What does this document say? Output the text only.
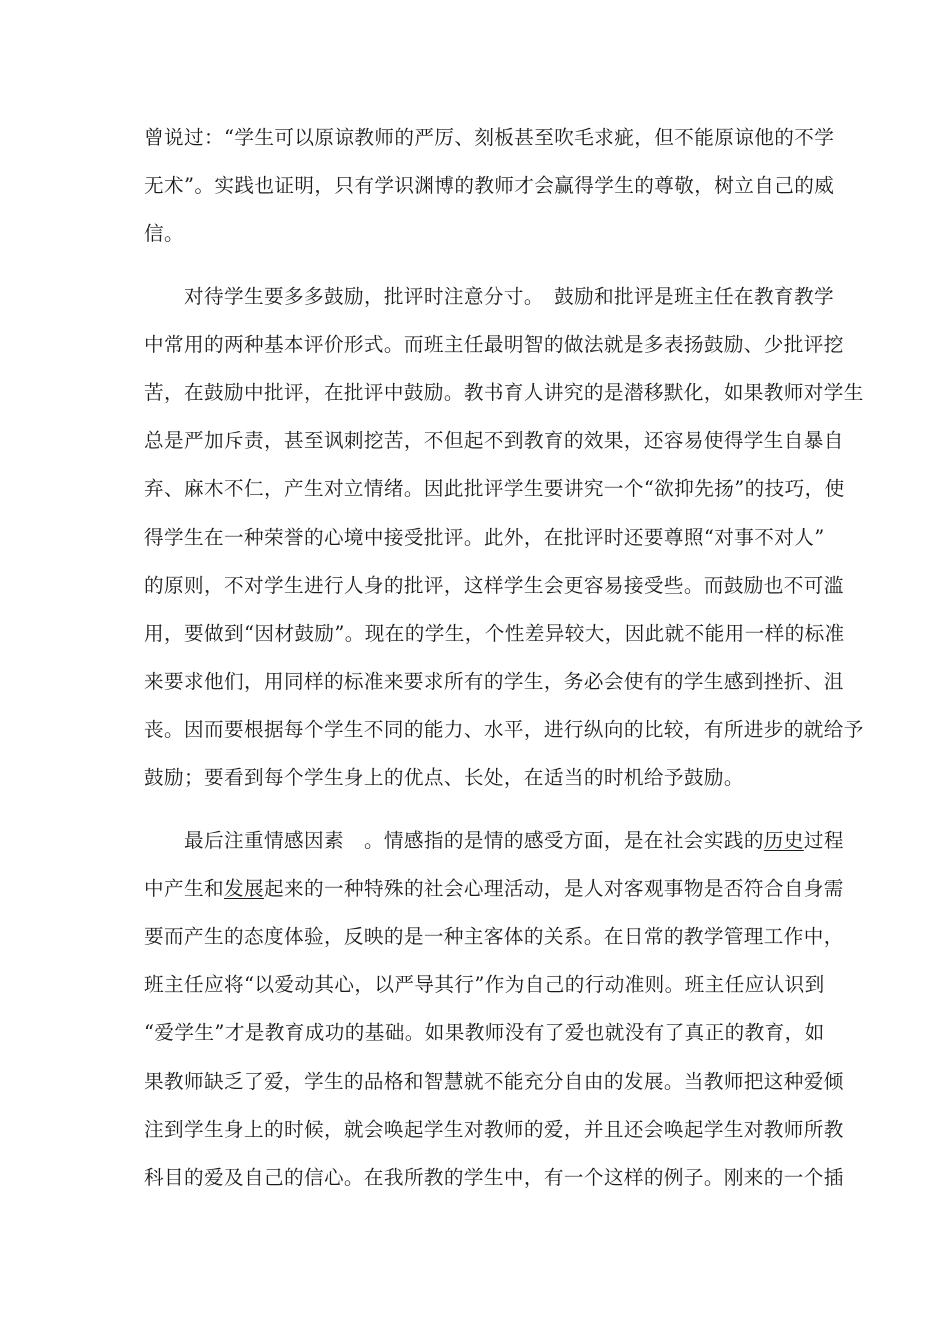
曾说过：“学生可以原谅教师的严厉、刻板甚至吹毛求疵，但不能原谅他的不学
无术”。实践也证明，只有学识渊博的教师才会赢得学生的尊敬，树立自己的威
信。
对待学生要多多鼓励，批评时注意分寸。　鼓励和批评是班主任在教育教学
中常用的两种基本评价形式。而班主任最明智的做法就是多表扬鼓励、少批评挖
苦，在鼓励中批评，在批评中鼓励。教书育人讲究的是潜移默化，如果教师对学生
总是严加斥责，甚至讽刺挖苦，不但起不到教育的效果，还容易使得学生自暴自
弃、麻木不仁，产生对立情绪。因此批评学生要讲究一个“欲抑先扬”的技巧，使
得学生在一种荣誉的心境中接受批评。此外，在批评时还要尊照“对事不对人”
的原则，不对学生进行人身的批评，这样学生会更容易接受些。而鼓励也不可滥
用，要做到“因材鼓励”。现在的学生，个性差异较大，因此就不能用一样的标准
来要求他们，用同样的标准来要求所有的学生，务必会使有的学生感到挫折、沮
丧。因而要根据每个学生不同的能力、水平，进行纵向的比较，有所进步的就给予
鼓励；要看到每个学生身上的优点、长处，在适当的时机给予鼓励。
最后注重情感因素　。情感指的是情的感受方面，是在社会实践的历史过程
中产生和发展起来的一种特殊的社会心理活动，是人对客观事物是否符合自身需
要而产生的态度体验，反映的是一种主客体的关系。在日常的教学管理工作中，
班主任应将“以爱动其心，以严导其行”作为自己的行动准则。班主任应认识到
“爱学生”才是教育成功的基础。如果教师没有了爱也就没有了真正的教育，如
果教师缺乏了爱，学生的品格和智慧就不能充分自由的发展。当教师把这种爱倾
注到学生身上的时候，就会唤起学生对教师的爱，并且还会唤起学生对教师所教
科目的爱及自己的信心。在我所教的学生中，有一个这样的例子。刚来的一个插
